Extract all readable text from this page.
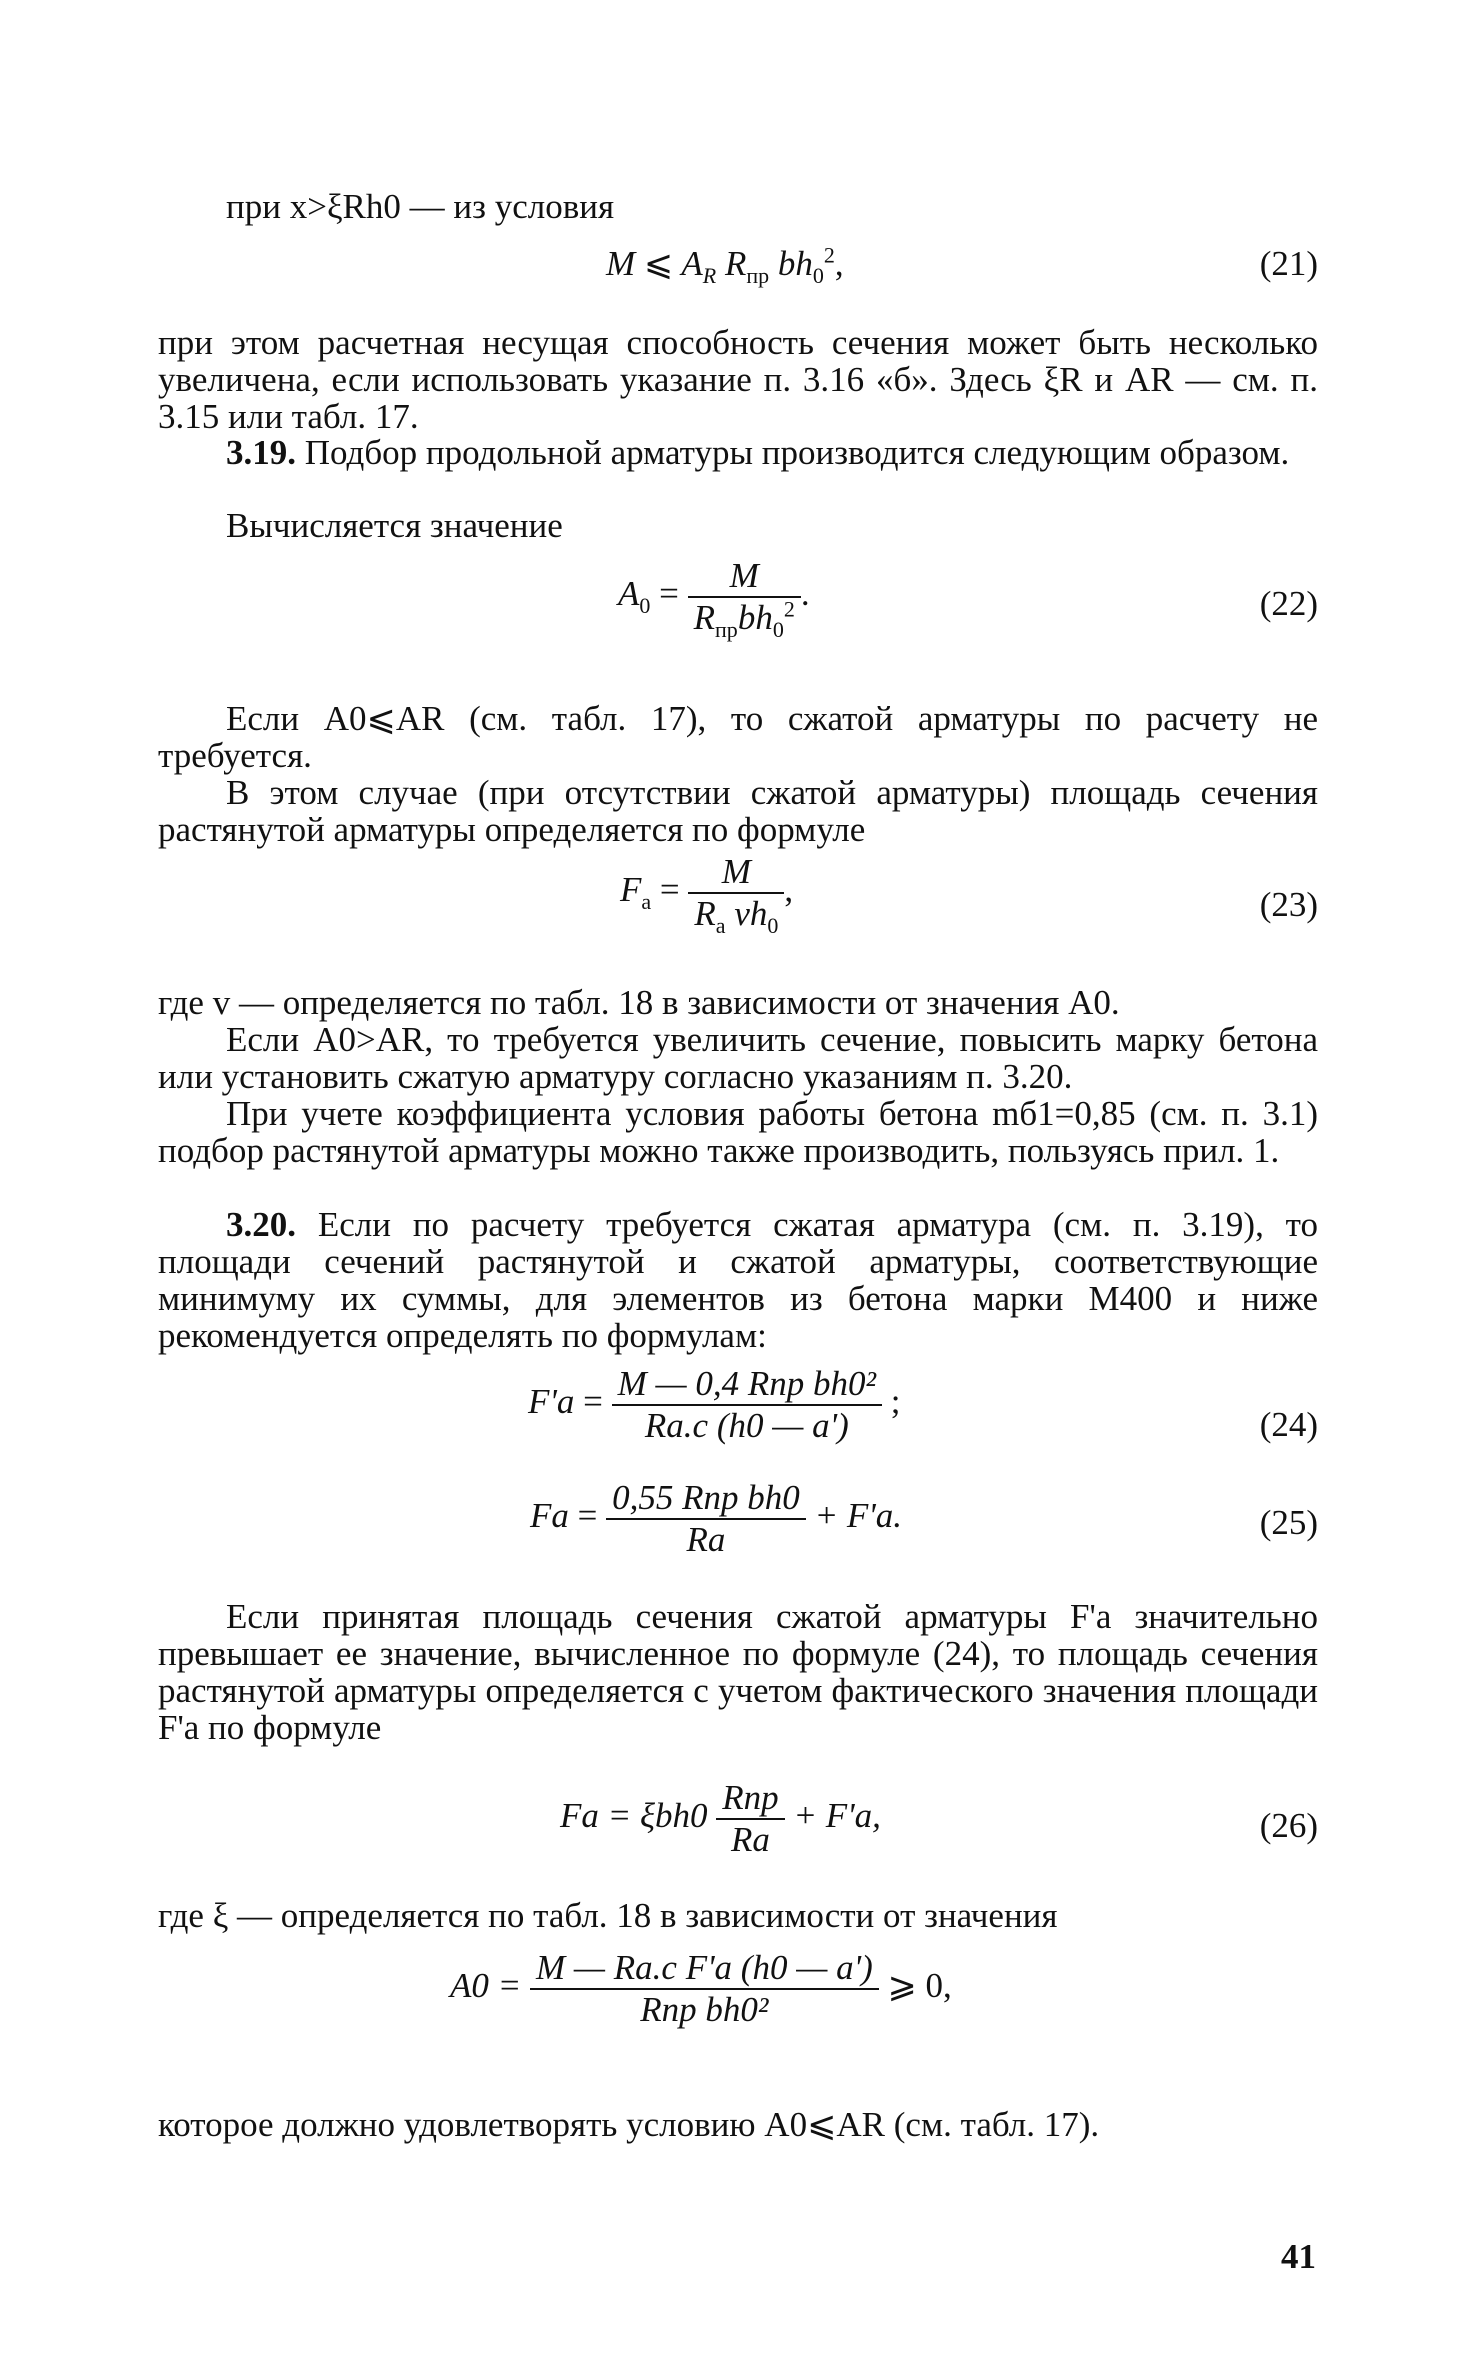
при x>ξRh0 — из условия
M ⩽ $A_R$ $R_{пр}$ $bh_0^2$,	(21)
при этом расчетная несущая способность сечения может быть несколько увеличена, если использовать указание п. 3.16 «б». Здесь ξR и AR — см. п. 3.15 или табл. 17.
3.19. Подбор продольной арматуры производится следующим образом.
Вычисляется значение
$A_0 = \frac{M}{R_{пр}bh_0^2}$ .	(22)
Если A0⩽AR (см. табл. 17), то сжатой арматуры по расчету не требуется.
В этом случае (при отсутствии сжатой арматуры) площадь сечения растянутой арматуры определяется по формуле
$F_а = \frac{M}{R_а vh_0}$ ,	(23)
где v — определяется по табл. 18 в зависимости от значения A0.
Если A0>AR, то требуется увеличить сечение, повысить марку бетона или установить сжатую арматуру согласно указаниям п. 3.20.
При учете коэффициента условия работы бетона mб1=0,85 (см. п. 3.1) подбор растянутой арматуры можно также производить, пользуясь прил. 1.
3.20. Если по расчету требуется сжатая арматура (см. п. 3.19), то площади сечений растянутой и сжатой арматуры, соответствующие минимуму их суммы, для элементов из бетона марки М400 и ниже рекомендуется определять по формулам:
$F'а = \frac{\text{M — 0,4 Rпр bh0²}}{Rа.с (h0 — a')}$ ;
(24)
Fа = $\frac{\text{0,55 Rпр bh0}}{Rа} + F'а$.	(25)
Если принятая площадь сечения сжатой арматуры F'а значительно превышает ее значение, вычисленное по формуле (24), то площадь сечения растянутой арматуры определяется с учетом фактического значения площади F'а по формуле
Fа = $\xi bh0 \frac{\text{Rпр}}{Rа} + F'а$,	(26)
где ξ — определяется по табл. 18 в зависимости от значения
$A0 = \frac{\text{M — Rа.с F'а (h0 — a')}}{\text{Rпр bh0²}}$ ⩾ 0,
которое должно удовлетворять условию A0⩽AR (см. табл. 17).
41
